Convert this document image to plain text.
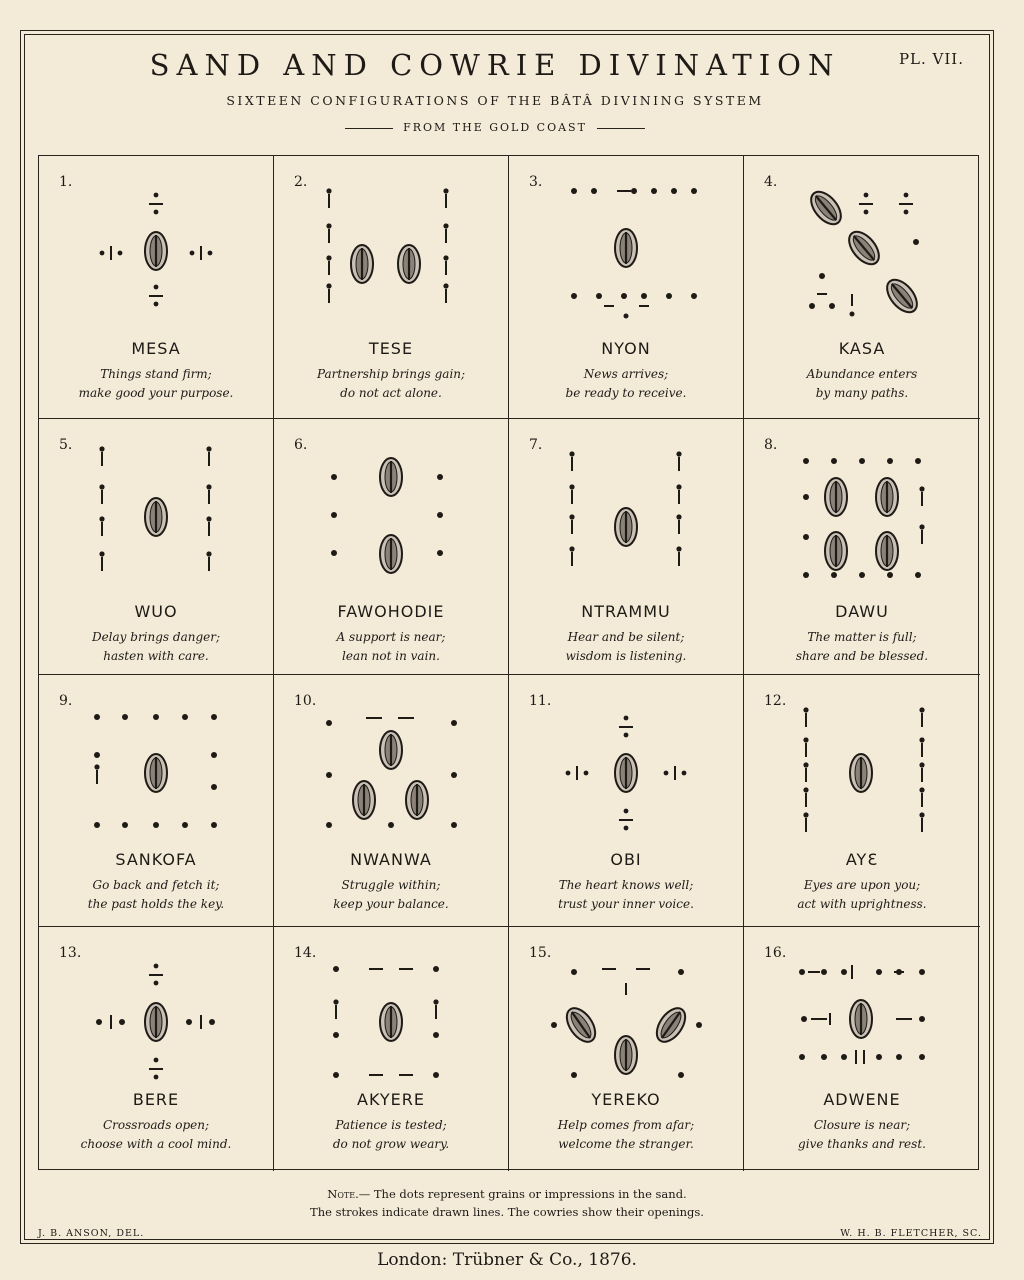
SAND AND COWRIE DIVINATION	PL. VII.
SIXTEEN CONFIGURATIONS OF THE BÂTÂ DIVINING SYSTEM
FROM THE GOLD COAST
1.
MESA
Things stand firm;
make good your purpose.
2.
TESE
Partnership brings gain;
do not act alone.
3.
NYON
News arrives;
be ready to receive.
4.
KASA
Abundance enters
by many paths.
5.
WUO
Delay brings danger;
hasten with care.
6.
FAWOHODIE
A support is near;
lean not in vain.
7.
NTRAMMU
Hear and be silent;
wisdom is listening.
8.
DAWU
The matter is full;
share and be blessed.
9.
SANKOFA
Go back and fetch it;
the past holds the key.
10.
NWANWA
Struggle within;
keep your balance.
11.
OBI
The heart knows well;
trust your inner voice.
12.
AYƐ
Eyes are upon you;
act with uprightness.
13.
BERE
Crossroads open;
choose with a cool mind.
14.
AKYERE
Patience is tested;
do not grow weary.
15.
YEREKO
Help comes from afar;
welcome the stranger.
16.
ADWENE
Closure is near;
give thanks and rest.
Note.— The dots represent grains or impressions in the sand.
The strokes indicate drawn lines. The cowries show their openings.
J. B. ANSON, DEL.	W. H. B. FLETCHER, SC.
London: Trübner & Co., 1876.
